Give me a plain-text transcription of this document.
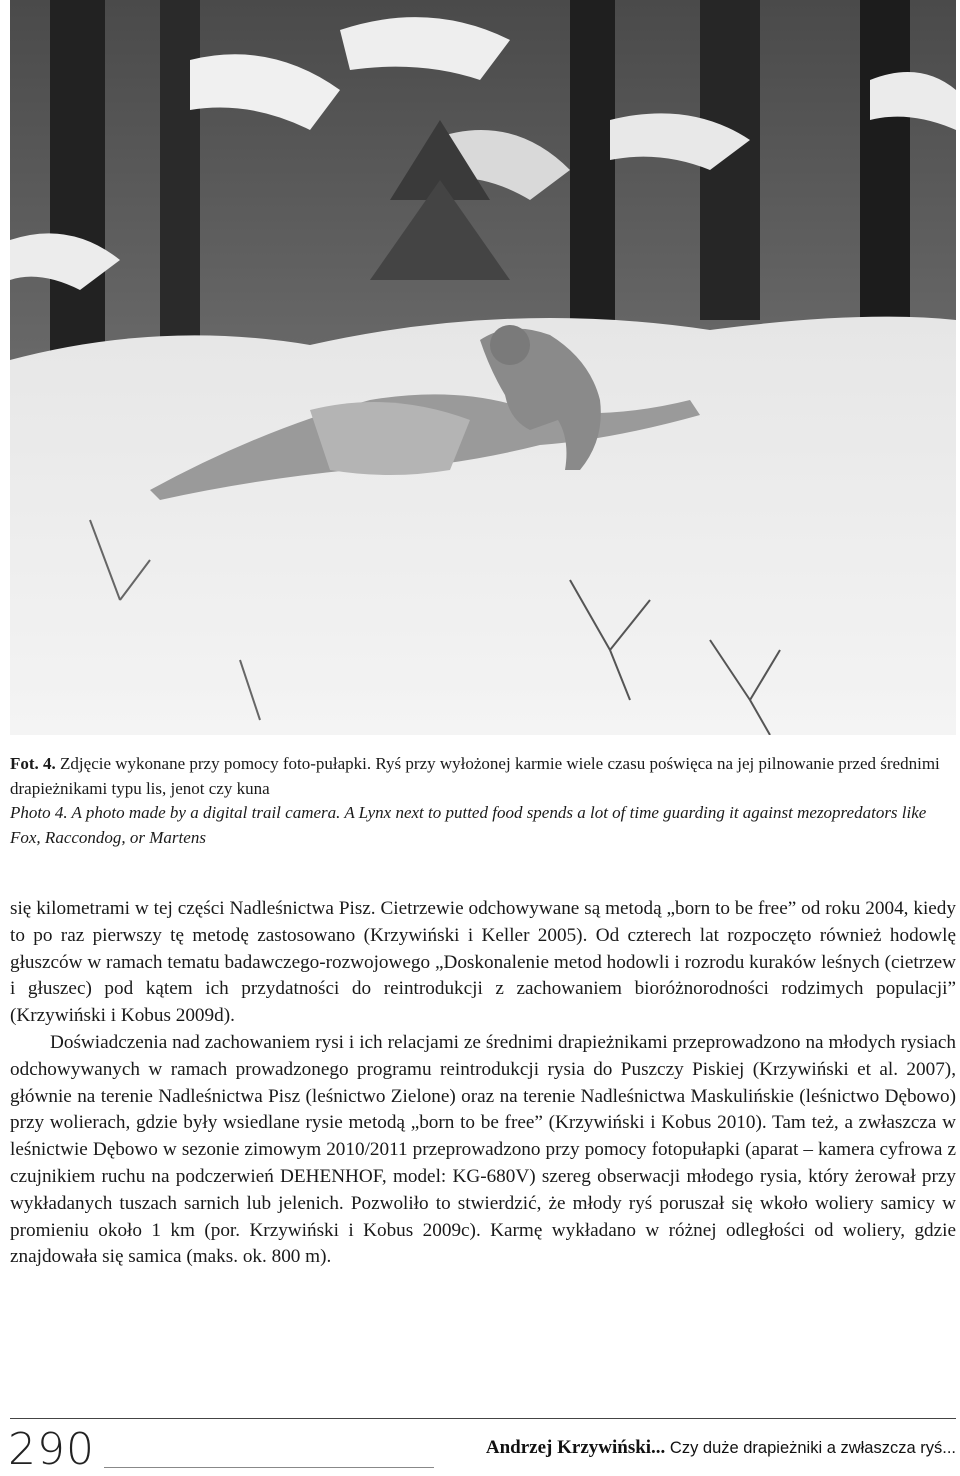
Fot. 4. Zdjęcie wykonane przy pomocy foto-pułapki. Ryś przy wyłożonej karmie wiele czasu poświęca na jej pilnowanie przed średnimi drapieżnikami typu lis, jenot czy kuna
Photo 4. A photo made by a digital trail camera. A Lynx next to putted food spends a lot of time guarding it against mezopredators like Fox, Raccondog, or Martens

się kilometrami w tej części Nadleśnictwa Pisz. Cietrzewie odchowywane są metodą „born to be free” od roku 2004, kiedy to po raz pierwszy tę metodę zastosowano (Krzywiński i Keller 2005). Od czterech lat rozpoczęto również hodowlę głuszców w ramach tematu badawczego-rozwojowego „Doskonalenie metod hodowli i rozrodu kuraków leśnych (cietrzew i głuszec) pod kątem ich przydatności do reintrodukcji z zachowaniem bioróżnorodności rodzimych populacji” (Krzywiński i Kobus 2009d).

Doświadczenia nad zachowaniem rysi i ich relacjami ze średnimi drapieżnikami przeprowadzono na młodych rysiach odchowywanych w ramach prowadzonego programu reintrodukcji rysia do Puszczy Piskiej (Krzywiński et al. 2007), głównie na terenie Nadleśnictwa Pisz (leśnictwo Zielone) oraz na terenie Nadleśnictwa Maskulińskie (leśnictwo Dębowo) przy wolierach, gdzie były wsiedlane rysie metodą „born to be free” (Krzywiński i Kobus 2010). Tam też, a zwłaszcza w leśnictwie Dębowo w sezonie zimowym 2010/2011 przeprowadzono przy pomocy fotopułapki (aparat – kamera cyfrowa z czujnikiem ruchu na podczerwień DEHENHOF, model: KG-680V) szereg obserwacji młodego rysia, który żerował przy wykładanych tuszach sarnich lub jelenich. Pozwoliło to stwierdzić, że młody ryś poruszał się wkoło woliery samicy w promieniu około 1 km (por. Krzywiński i Kobus 2009c). Karmę wykładano w różnej odległości od woliery, gdzie znajdowała się samica (maks. ok. 800 m).

290	Andrzej Krzywiński... Czy duże drapieżniki a zwłaszcza ryś...
